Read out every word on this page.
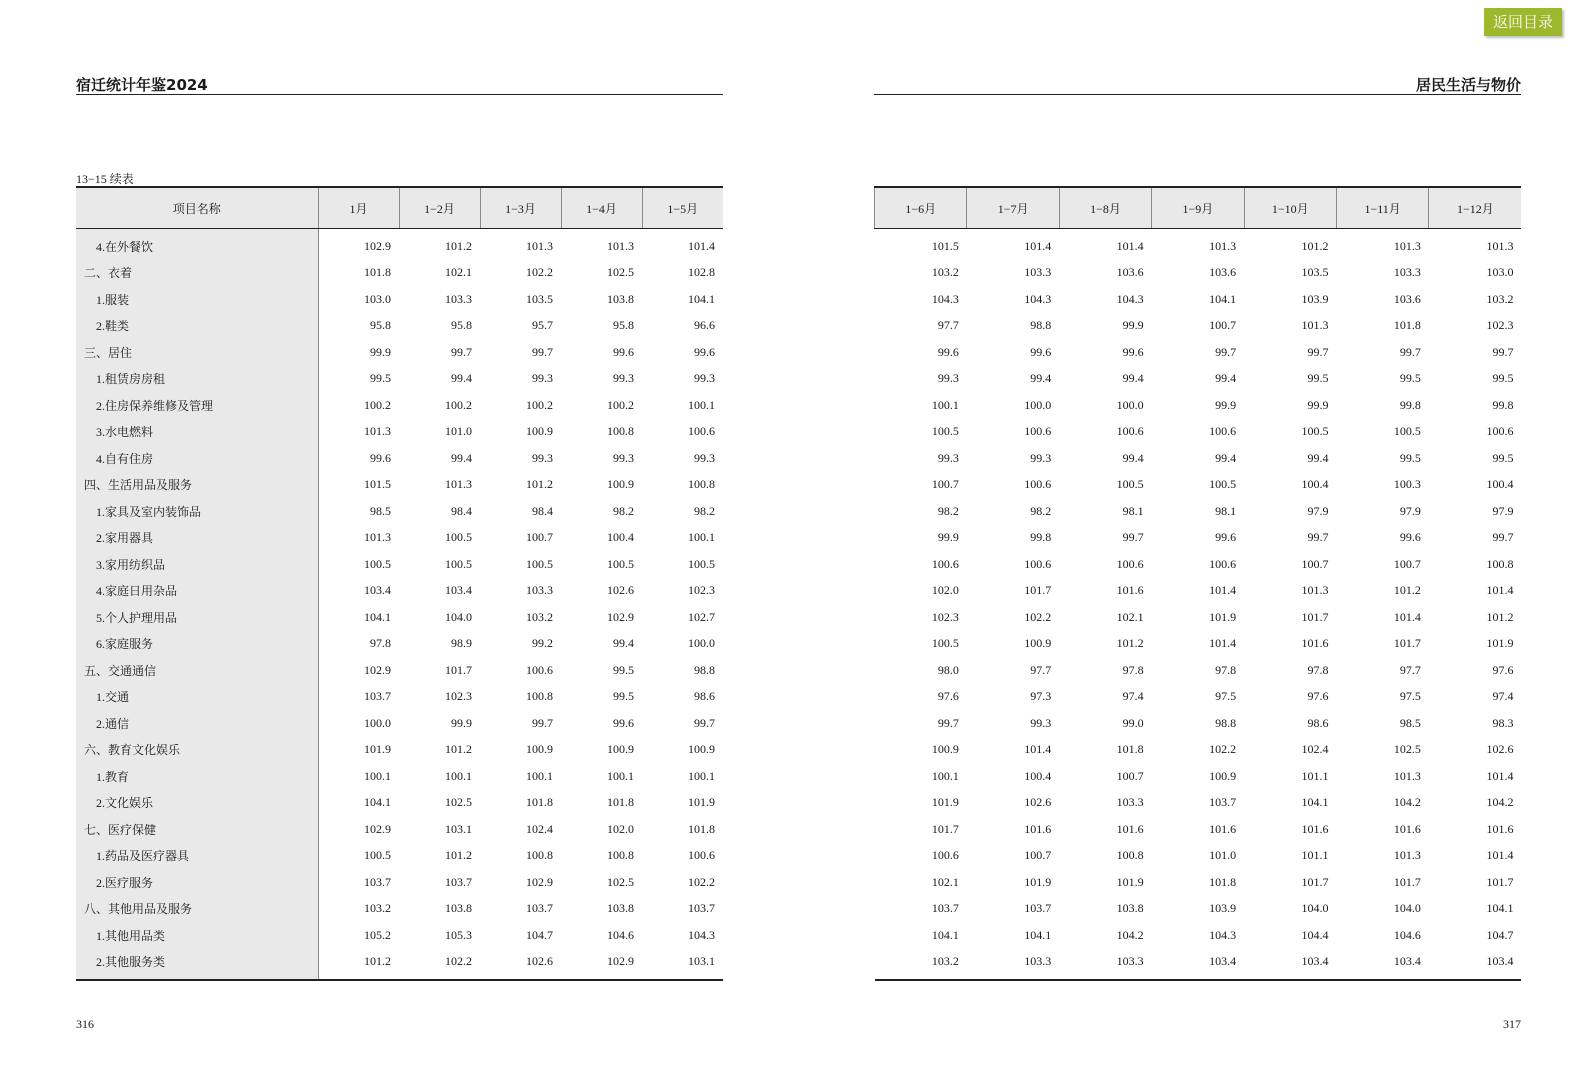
返回目录
宿迁统计年鉴2024	居民生活与物价
13−15 续表
项目名称	1月	1−2月	1−3月	1−4月	1−5月
4.在外餐饮	102.9	101.2	101.3	101.3	101.4
二、衣着	101.8	102.1	102.2	102.5	102.8
1.服装	103.0	103.3	103.5	103.8	104.1
2.鞋类	95.8	95.8	95.7	95.8	96.6
三、居住	99.9	99.7	99.7	99.6	99.6
1.租赁房房租	99.5	99.4	99.3	99.3	99.3
2.住房保养维修及管理	100.2	100.2	100.2	100.2	100.1
3.水电燃料	101.3	101.0	100.9	100.8	100.6
4.自有住房	99.6	99.4	99.3	99.3	99.3
四、生活用品及服务	101.5	101.3	101.2	100.9	100.8
1.家具及室内装饰品	98.5	98.4	98.4	98.2	98.2
2.家用器具	101.3	100.5	100.7	100.4	100.1
3.家用纺织品	100.5	100.5	100.5	100.5	100.5
4.家庭日用杂品	103.4	103.4	103.3	102.6	102.3
5.个人护理用品	104.1	104.0	103.2	102.9	102.7
6.家庭服务	97.8	98.9	99.2	99.4	100.0
五、交通通信	102.9	101.7	100.6	99.5	98.8
1.交通	103.7	102.3	100.8	99.5	98.6
2.通信	100.0	99.9	99.7	99.6	99.7
六、教育文化娱乐	101.9	101.2	100.9	100.9	100.9
1.教育	100.1	100.1	100.1	100.1	100.1
2.文化娱乐	104.1	102.5	101.8	101.8	101.9
七、医疗保健	102.9	103.1	102.4	102.0	101.8
1.药品及医疗器具	100.5	101.2	100.8	100.8	100.6
2.医疗服务	103.7	103.7	102.9	102.5	102.2
八、其他用品及服务	103.2	103.8	103.7	103.8	103.7
1.其他用品类	105.2	105.3	104.7	104.6	104.3
2.其他服务类	101.2	102.2	102.6	102.9	103.1
1−6月	1−7月	1−8月	1−9月	1−10月	1−11月	1−12月
101.5	101.4	101.4	101.3	101.2	101.3	101.3
103.2	103.3	103.6	103.6	103.5	103.3	103.0
104.3	104.3	104.3	104.1	103.9	103.6	103.2
97.7	98.8	99.9	100.7	101.3	101.8	102.3
99.6	99.6	99.6	99.7	99.7	99.7	99.7
99.3	99.4	99.4	99.4	99.5	99.5	99.5
100.1	100.0	100.0	99.9	99.9	99.8	99.8
100.5	100.6	100.6	100.6	100.5	100.5	100.6
99.3	99.3	99.4	99.4	99.4	99.5	99.5
100.7	100.6	100.5	100.5	100.4	100.3	100.4
98.2	98.2	98.1	98.1	97.9	97.9	97.9
99.9	99.8	99.7	99.6	99.7	99.6	99.7
100.6	100.6	100.6	100.6	100.7	100.7	100.8
102.0	101.7	101.6	101.4	101.3	101.2	101.4
102.3	102.2	102.1	101.9	101.7	101.4	101.2
100.5	100.9	101.2	101.4	101.6	101.7	101.9
98.0	97.7	97.8	97.8	97.8	97.7	97.6
97.6	97.3	97.4	97.5	97.6	97.5	97.4
99.7	99.3	99.0	98.8	98.6	98.5	98.3
100.9	101.4	101.8	102.2	102.4	102.5	102.6
100.1	100.4	100.7	100.9	101.1	101.3	101.4
101.9	102.6	103.3	103.7	104.1	104.2	104.2
101.7	101.6	101.6	101.6	101.6	101.6	101.6
100.6	100.7	100.8	101.0	101.1	101.3	101.4
102.1	101.9	101.9	101.8	101.7	101.7	101.7
103.7	103.7	103.8	103.9	104.0	104.0	104.1
104.1	104.1	104.2	104.3	104.4	104.6	104.7
103.2	103.3	103.3	103.4	103.4	103.4	103.4
316	317
